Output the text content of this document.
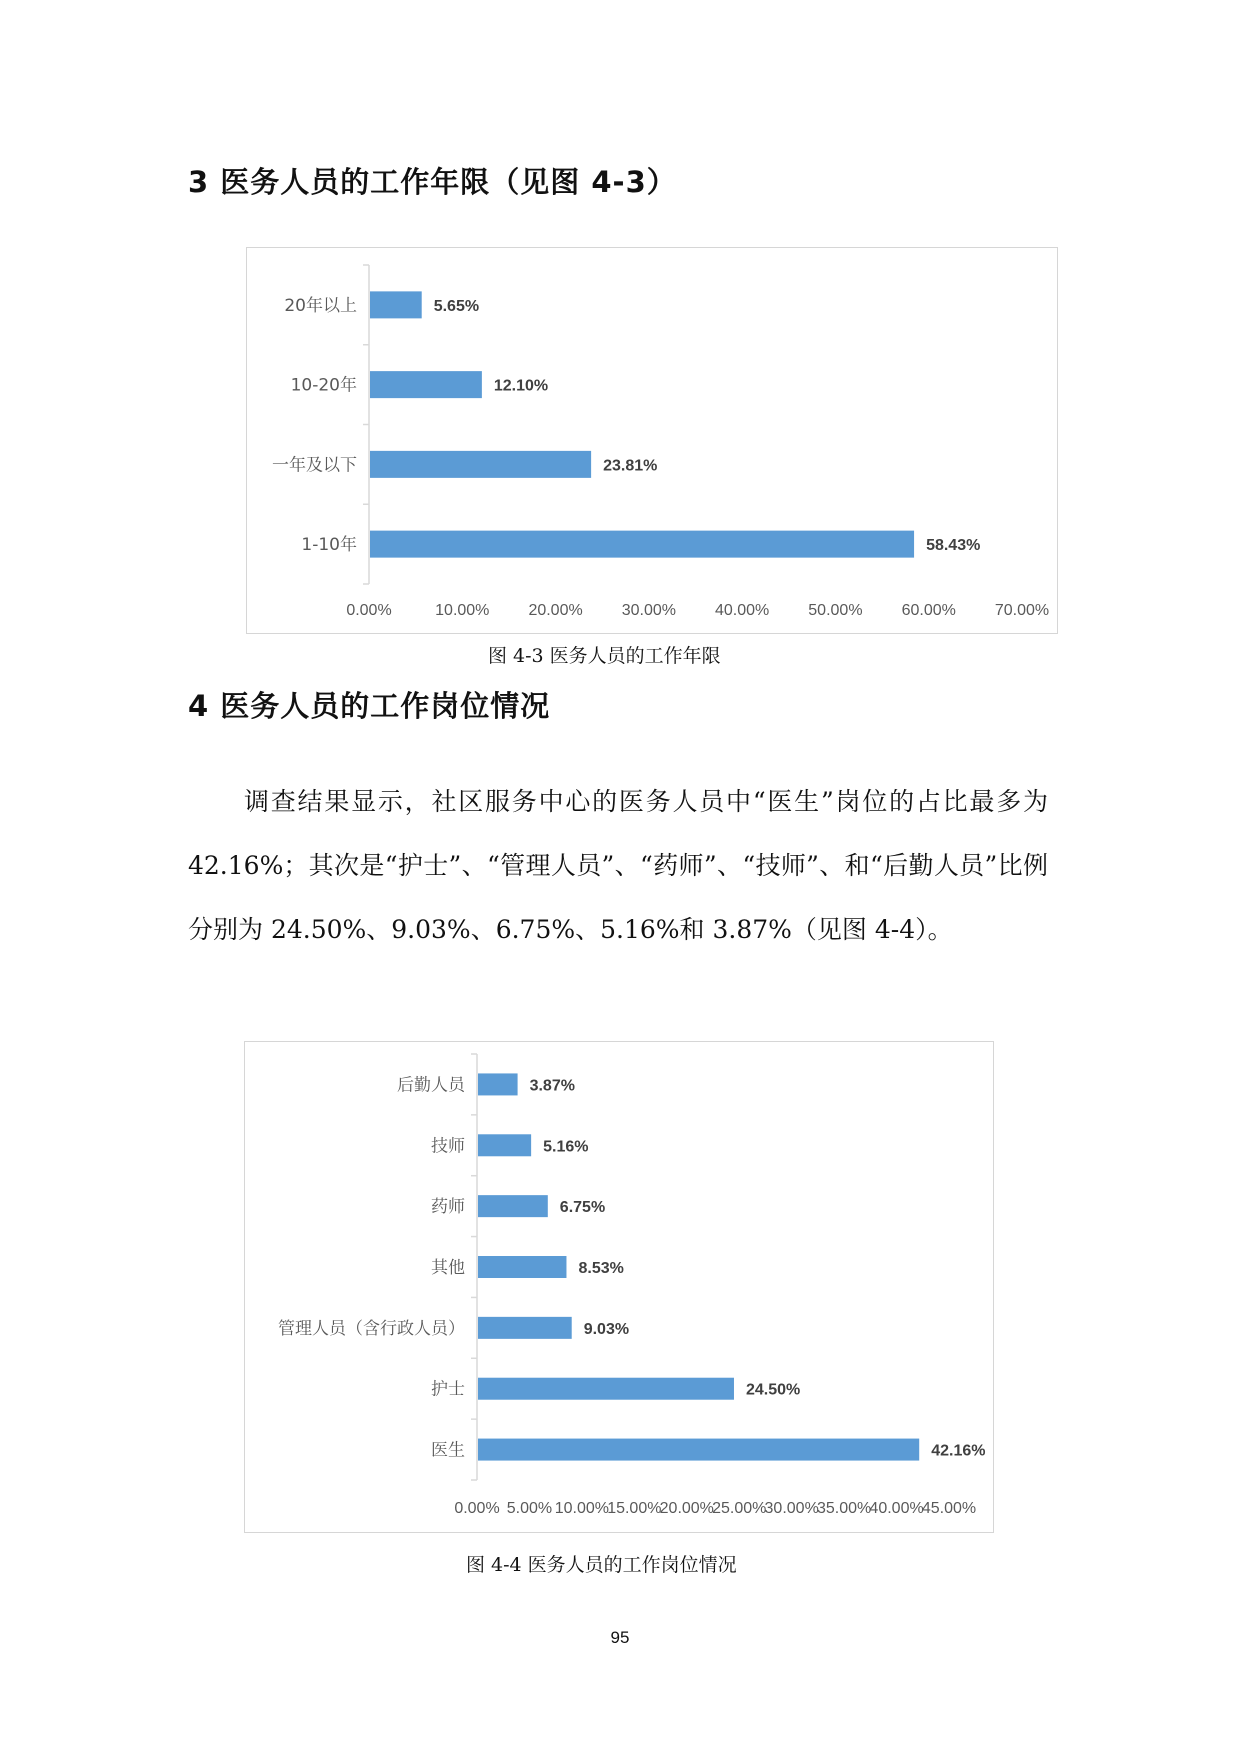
3 医务人员的工作年限（见图 4-3）
20年以上	5.65%
10-20年	12.10%
一年及以下	23.81%
1-10年	58.43%
0.00%	10.00% 20.00% 30.00% 40.00% 50.00% 60.00% 70.00%

图 4-3 医务人员的工作年限

4 医务人员的工作岗位情况

调查结果显示，社区服务中心的医务人员中“医生”岗位的占比最多为 42.16%；其次是“护士”、“管理人员”、“药师”、“技师”、和“后勤人员”比例分别为 24.50%、9.03%、6.75%、5.16%和 3.87%（见图 4-4）。

后勤人员	3.87%
技师	5.16%
药师	6.75%
其他	8.53%
管理人员（含行政人员）	9.03%
护士	24.50%
医生	42.16%
0.00% 5.00% 10.00%
15.00%
20.00%
25.00%
30.00%
35.00%
40.00%
45.00%

图 4-4 医务人员的工作岗位情况

95
